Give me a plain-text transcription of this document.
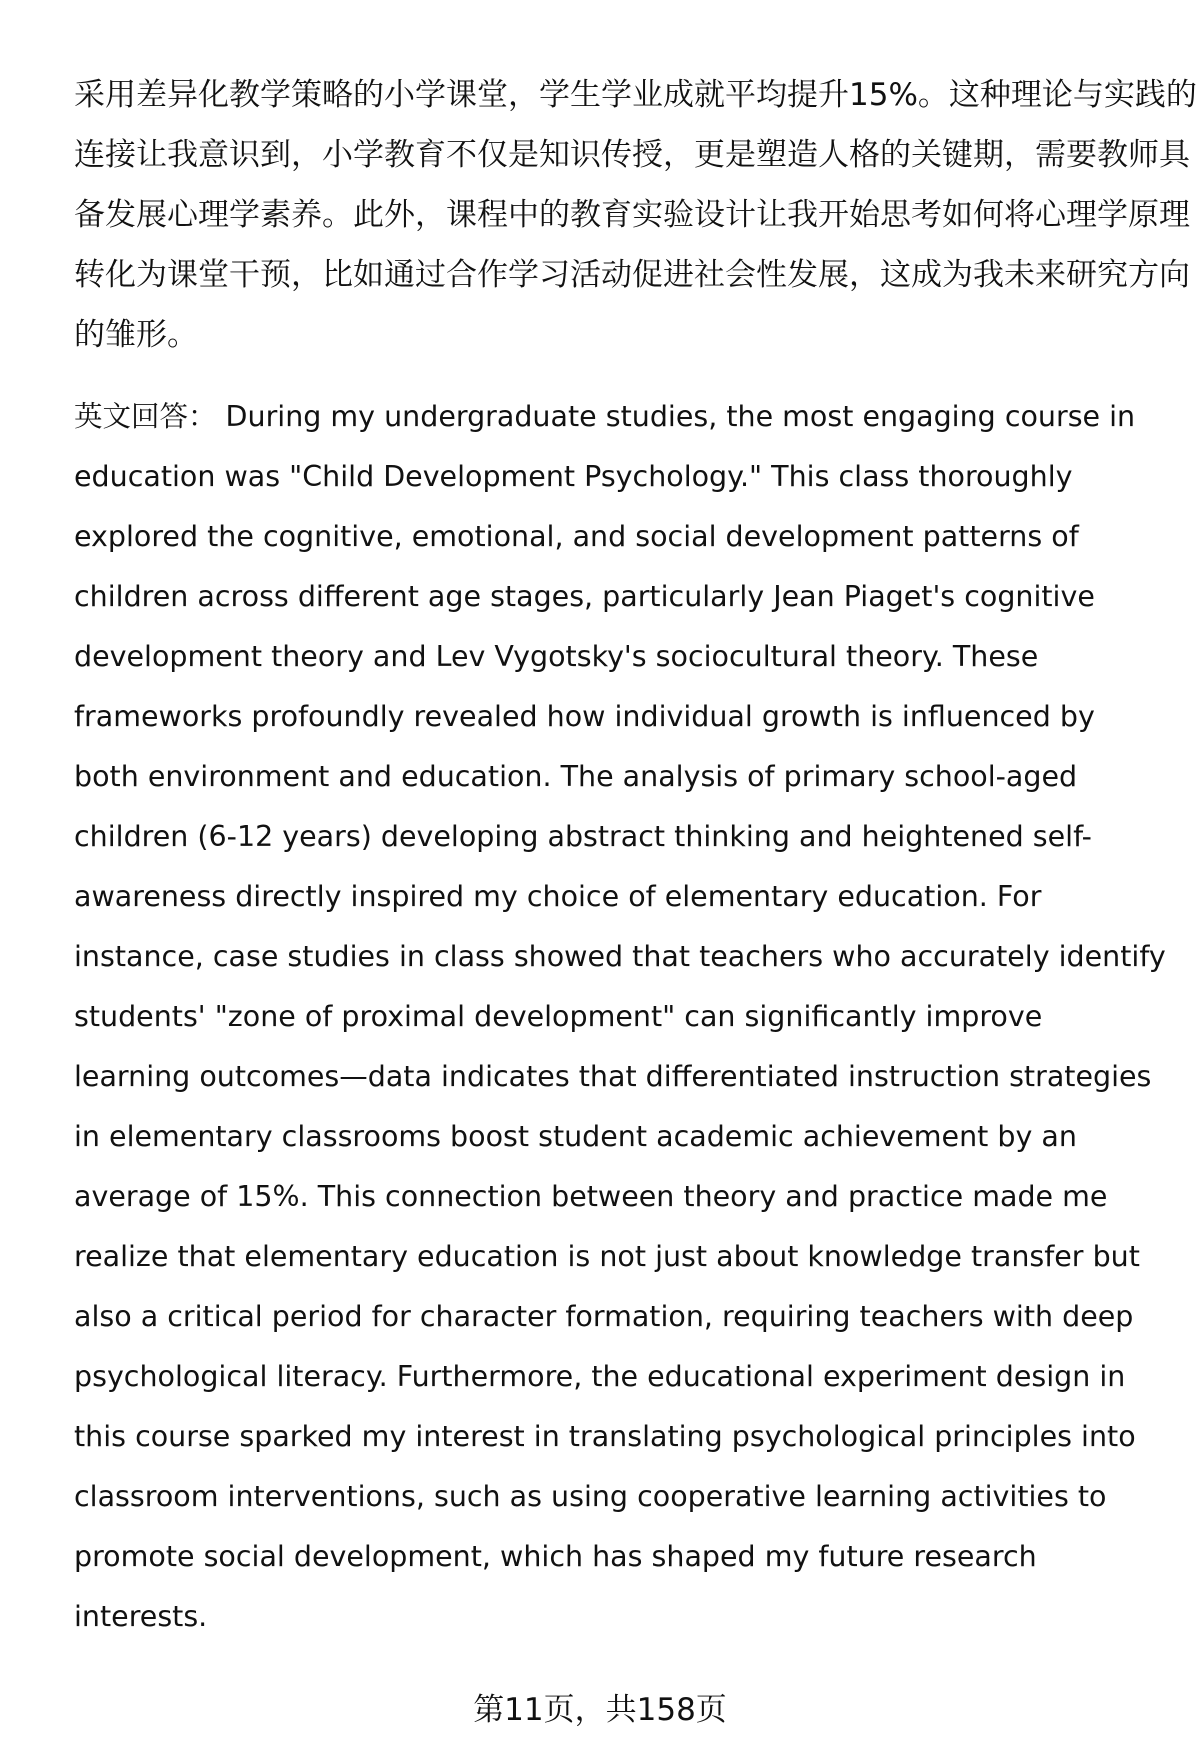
采用差异化教学策略的小学课堂，学生学业成就平均提升15%。这种理论与实践的
连接让我意识到，小学教育不仅是知识传授，更是塑造人格的关键期，需要教师具
备发展心理学素养。此外，课程中的教育实验设计让我开始思考如何将心理学原理
转化为课堂干预，比如通过合作学习活动促进社会性发展，这成为我未来研究方向
的雏形。
英文回答： During my undergraduate studies, the most engaging course in
education was "Child Development Psychology." This class thoroughly
explored the cognitive, emotional, and social development patterns of
children across different age stages, particularly Jean Piaget's cognitive
development theory and Lev Vygotsky's sociocultural theory. These
frameworks profoundly revealed how individual growth is influenced by
both environment and education. The analysis of primary school-aged
children (6-12 years) developing abstract thinking and heightened self-
awareness directly inspired my choice of elementary education. For
instance, case studies in class showed that teachers who accurately identify
students' "zone of proximal development" can significantly improve
learning outcomes—data indicates that differentiated instruction strategies
in elementary classrooms boost student academic achievement by an
average of 15%. This connection between theory and practice made me
realize that elementary education is not just about knowledge transfer but
also a critical period for character formation, requiring teachers with deep
psychological literacy. Furthermore, the educational experiment design in
this course sparked my interest in translating psychological principles into
classroom interventions, such as using cooperative learning activities to
promote social development, which has shaped my future research
interests.
第11页，共158页
